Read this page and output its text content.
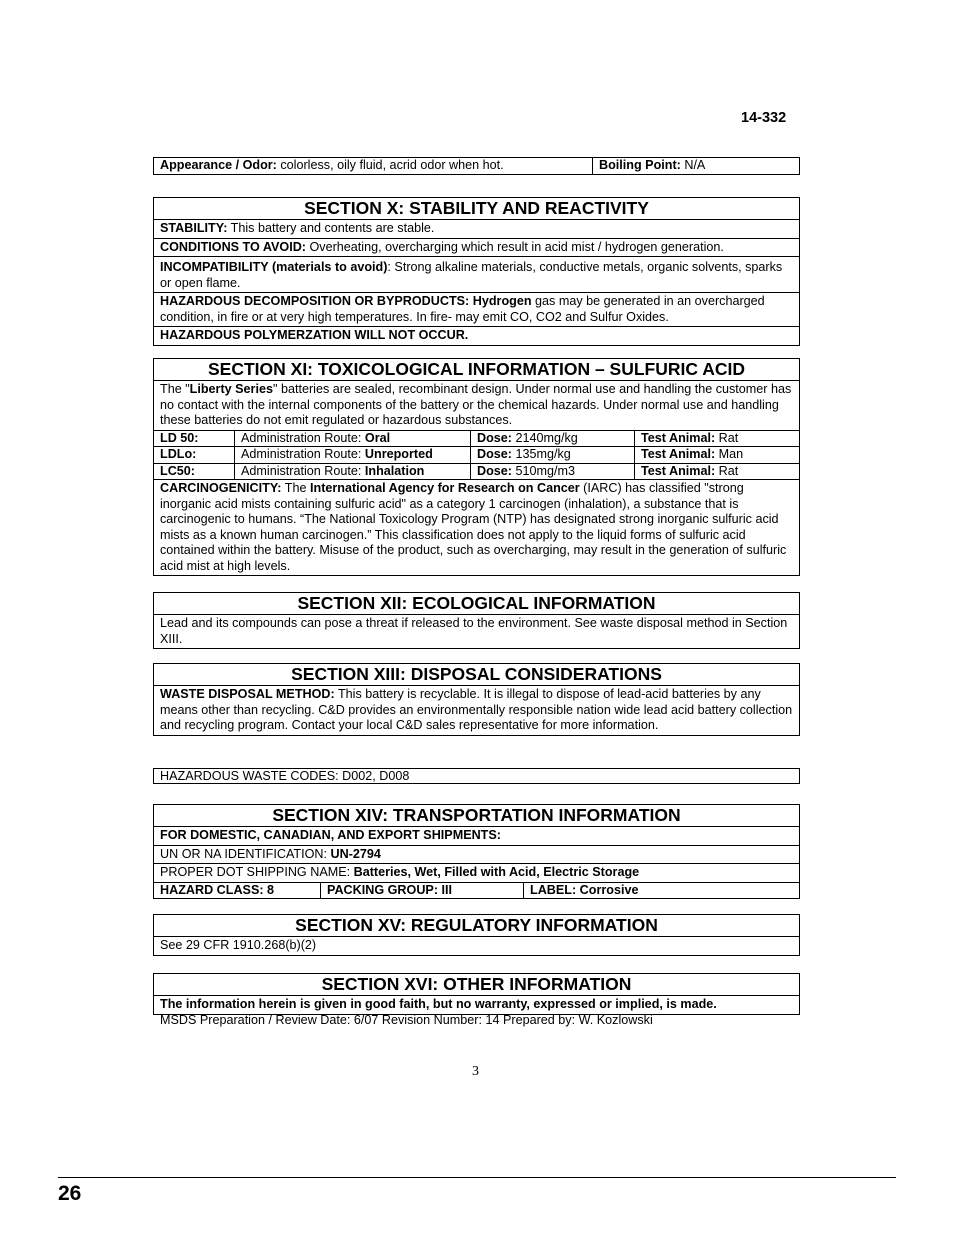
14-332
Appearance / Odor: colorless, oily fluid, acrid odor when hot.	Boiling Point: N/A
SECTION X: STABILITY AND REACTIVITY
STABILITY: This battery and contents are stable.
CONDITIONS TO AVOID: Overheating, overcharging which result in acid mist / hydrogen generation.
INCOMPATIBILITY (materials to avoid): Strong alkaline materials, conductive metals, organic solvents, sparks or open flame.
HAZARDOUS DECOMPOSITION OR BYPRODUCTS: Hydrogen gas may be generated in an overcharged condition, in fire or at very high temperatures. In fire- may emit CO, CO2 and Sulfur Oxides.
HAZARDOUS POLYMERZATION WILL NOT OCCUR.
SECTION XI: TOXICOLOGICAL INFORMATION – SULFURIC ACID
The "Liberty Series" batteries are sealed, recombinant design. Under normal use and handling the customer has no contact with the internal components of the battery or the chemical hazards. Under normal use and handling these batteries do not emit regulated or hazardous substances.
LD 50:	Administration Route: Oral	Dose: 2140mg/kg	Test Animal: Rat
LDLo:	Administration Route: Unreported	Dose: 135mg/kg	Test Animal: Man
LC50:	Administration Route: Inhalation	Dose: 510mg/m3	Test Animal: Rat
CARCINOGENICITY: The International Agency for Research on Cancer (IARC) has classified "strong inorganic acid mists containing sulfuric acid" as a category 1 carcinogen (inhalation), a substance that is carcinogenic to humans. “The National Toxicology Program (NTP) has designated strong inorganic sulfuric acid mists as a known human carcinogen.” This classification does not apply to the liquid forms of sulfuric acid contained within the battery. Misuse of the product, such as overcharging, may result in the generation of sulfuric acid mist at high levels.
SECTION XII: ECOLOGICAL INFORMATION
Lead and its compounds can pose a threat if released to the environment. See waste disposal method in Section XIII.
SECTION XIII: DISPOSAL CONSIDERATIONS
WASTE DISPOSAL METHOD: This battery is recyclable. It is illegal to dispose of lead-acid batteries by any means other than recycling. C&D provides an environmentally responsible nation wide lead acid battery collection and recycling program. Contact your local C&D sales representative for more information.
HAZARDOUS WASTE CODES: D002, D008
SECTION XIV: TRANSPORTATION INFORMATION
FOR DOMESTIC, CANADIAN, AND EXPORT SHIPMENTS:
UN OR NA IDENTIFICATION: UN-2794
PROPER DOT SHIPPING NAME: Batteries, Wet, Filled with Acid, Electric Storage
HAZARD CLASS: 8	PACKING GROUP: III	LABEL: Corrosive
SECTION XV: REGULATORY INFORMATION
See 29 CFR 1910.268(b)(2)
SECTION XVI: OTHER INFORMATION
The information herein is given in good faith, but no warranty, expressed or implied, is made.
MSDS Preparation / Review Date: 6/07 Revision Number: 14 Prepared by: W. Kozlowski
3
26
